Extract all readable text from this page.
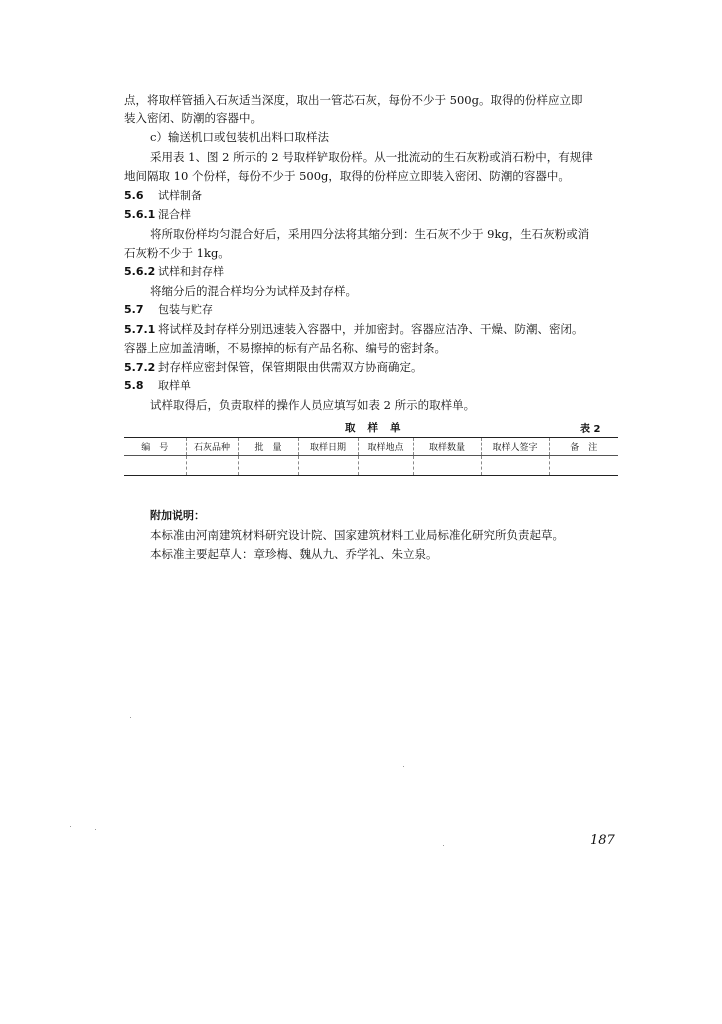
点，将取样管插入石灰适当深度，取出一管芯石灰，每份不少于 500g。取得的份样应立即
装入密闭、防潮的容器中。
c）输送机口或包装机出料口取样法
采用表 1、图 2 所示的 2 号取样铲取份样。从一批流动的生石灰粉或消石粉中，有规律
地间隔取 10 个份样，每份不少于 500g，取得的份样应立即装入密闭、防潮的容器中。
5.6 试样制备
5.6.1 混合样
将所取份样均匀混合好后，采用四分法将其缩分到：生石灰不少于 9kg，生石灰粉或消
石灰粉不少于 1kg。
5.6.2 试样和封存样
将缩分后的混合样均分为试样及封存样。
5.7 包装与贮存
5.7.1 将试样及封存样分别迅速装入容器中，并加密封。容器应洁净、干燥、防潮、密闭。
容器上应加盖清晰，不易擦掉的标有产品名称、编号的密封条。
5.7.2 封存样应密封保管，保管期限由供需双方协商确定。
5.8 取样单
试样取得后，负责取样的操作人员应填写如表 2 所示的取样单。
取样单	表 2
编　号	石灰品种	批　量	取样日期	取样地点	取样数量	取样人签字	备　注

附加说明：
本标准由河南建筑材料研究设计院、国家建筑材料工业局标准化研究所负责起草。
本标准主要起草人：章珍梅、魏从九、乔学礼、朱立泉。
187
